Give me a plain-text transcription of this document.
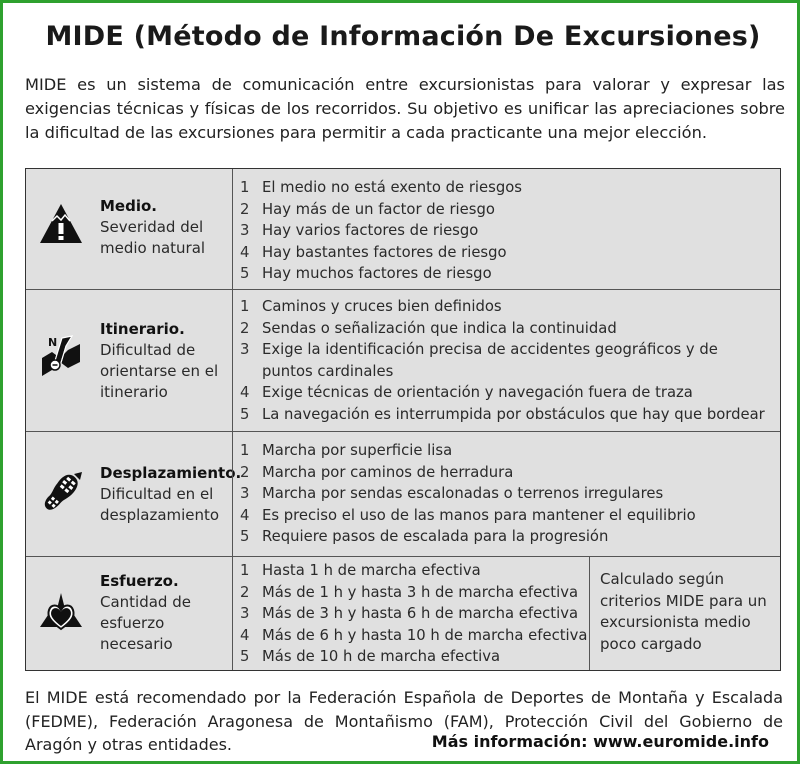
MIDE (Método de Información De Excursiones)
MIDE es un sistema de comunicación entre excursionistas para valorar y expresar las exigencias técnicas y físicas de los recorridos. Su objetivo es unificar las apreciaciones sobre la dificultad de las excursiones para permitir a cada practicante una mejor elección.
Medio.
Severidad del medio natural
1 El medio no está exento de riesgos
2 Hay más de un factor de riesgo
3 Hay varios factores de riesgo
4 Hay bastantes factores de riesgo
5 Hay muchos factores de riesgo
N
Itinerario.
Dificultad de orientarse en el itinerario
1 Caminos y cruces bien definidos
2 Sendas o señalización que indica la continuidad
3 Exige la identificación precisa de accidentes geográficos y de puntos cardinales
4 Exige técnicas de orientación y navegación fuera de traza
5 La navegación es interrumpida por obstáculos que hay que bordear
Desplazamiento.
Dificultad en el desplazamiento
1 Marcha por superficie lisa
2 Marcha por caminos de herradura
3 Marcha por sendas escalonadas o terrenos irregulares
4 Es preciso el uso de las manos para mantener el equilibrio
5 Requiere pasos de escalada para la progresión
Esfuerzo.
Cantidad de esfuerzo necesario
1 Hasta 1 h de marcha efectiva
2 Más de 1 h y hasta 3 h de marcha efectiva
3 Más de 3 h y hasta 6 h de marcha efectiva
4 Más de 6 h y hasta 10 h de marcha efectiva
5 Más de 10 h de marcha efectiva
Calculado según criterios MIDE para un excursionista medio poco cargado
El MIDE está recomendado por la Federación Española de Deportes de Montaña y Escalada (FEDME), Federación Aragonesa de Montañismo (FAM), Protección Civil del Gobierno de Aragón y otras entidades.	Más información: www.euromide.info
